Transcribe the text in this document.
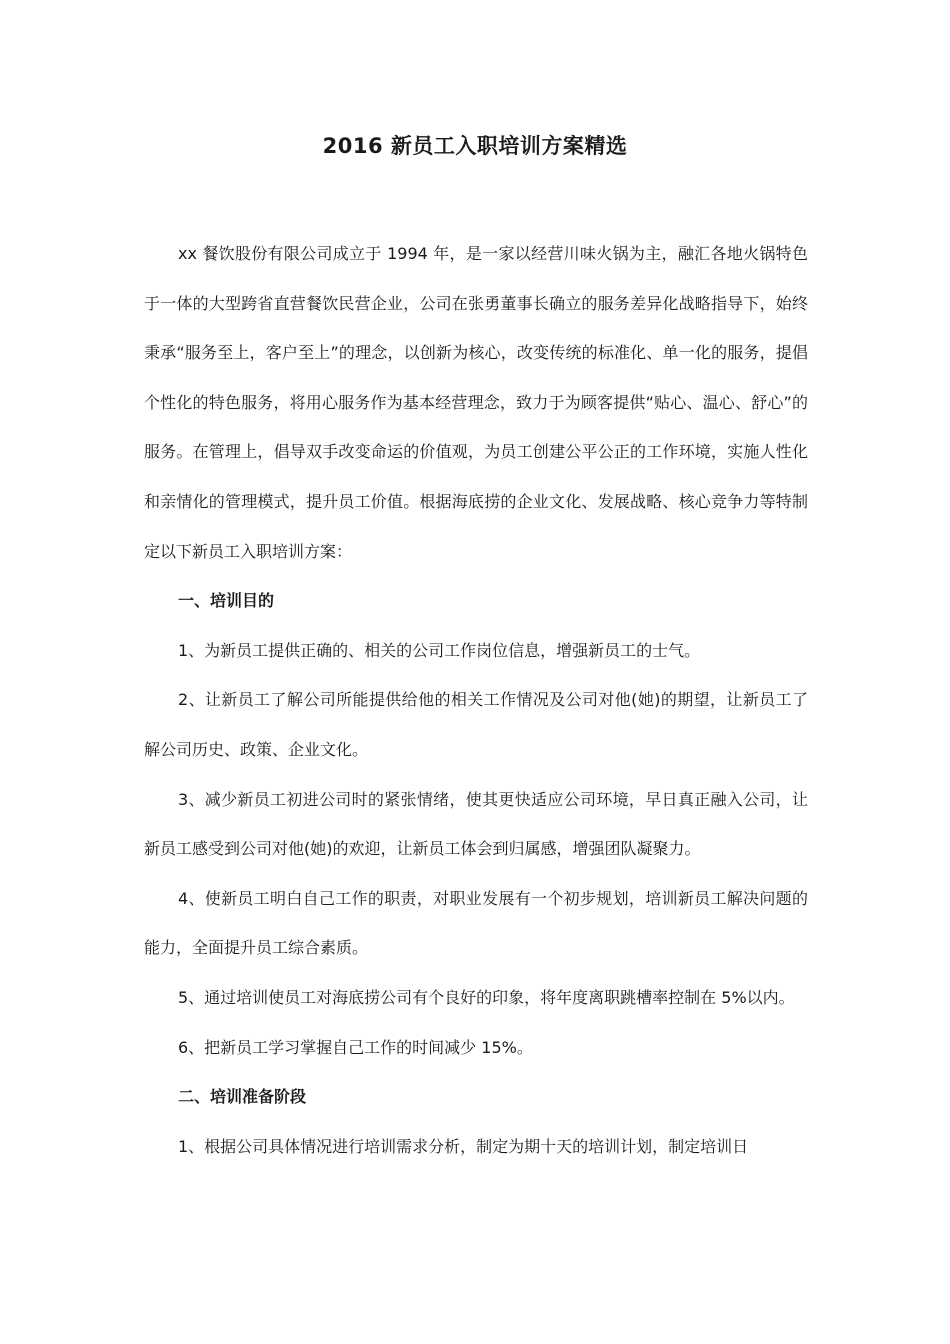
2016 新员工入职培训方案精选

xx 餐饮股份有限公司成立于 1994 年，是一家以经营川味火锅为主，融汇各地火锅特色于一体的大型跨省直营餐饮民营企业，公司在张勇董事长确立的服务差异化战略指导下，始终秉承“服务至上，客户至上”的理念，以创新为核心，改变传统的标准化、单一化的服务，提倡个性化的特色服务，将用心服务作为基本经营理念，致力于为顾客提供“贴心、温心、舒心”的服务。在管理上，倡导双手改变命运的价值观，为员工创建公平公正的工作环境，实施人性化和亲情化的管理模式，提升员工价值。根据海底捞的企业文化、发展战略、核心竞争力等特制定以下新员工入职培训方案：

一、培训目的

1、为新员工提供正确的、相关的公司工作岗位信息，增强新员工的士气。

2、让新员工了解公司所能提供给他的相关工作情况及公司对他(她)的期望，让新员工了解公司历史、政策、企业文化。

3、减少新员工初进公司时的紧张情绪，使其更快适应公司环境，早日真正融入公司，让新员工感受到公司对他(她)的欢迎，让新员工体会到归属感，增强团队凝聚力。

4、使新员工明白自己工作的职责，对职业发展有一个初步规划，培训新员工解决问题的能力，全面提升员工综合素质。

5、通过培训使员工对海底捞公司有个良好的印象，将年度离职跳槽率控制在 5%以内。

6、把新员工学习掌握自己工作的时间减少 15%。

二、培训准备阶段

1、根据公司具体情况进行培训需求分析，制定为期十天的培训计划，制定培训日
